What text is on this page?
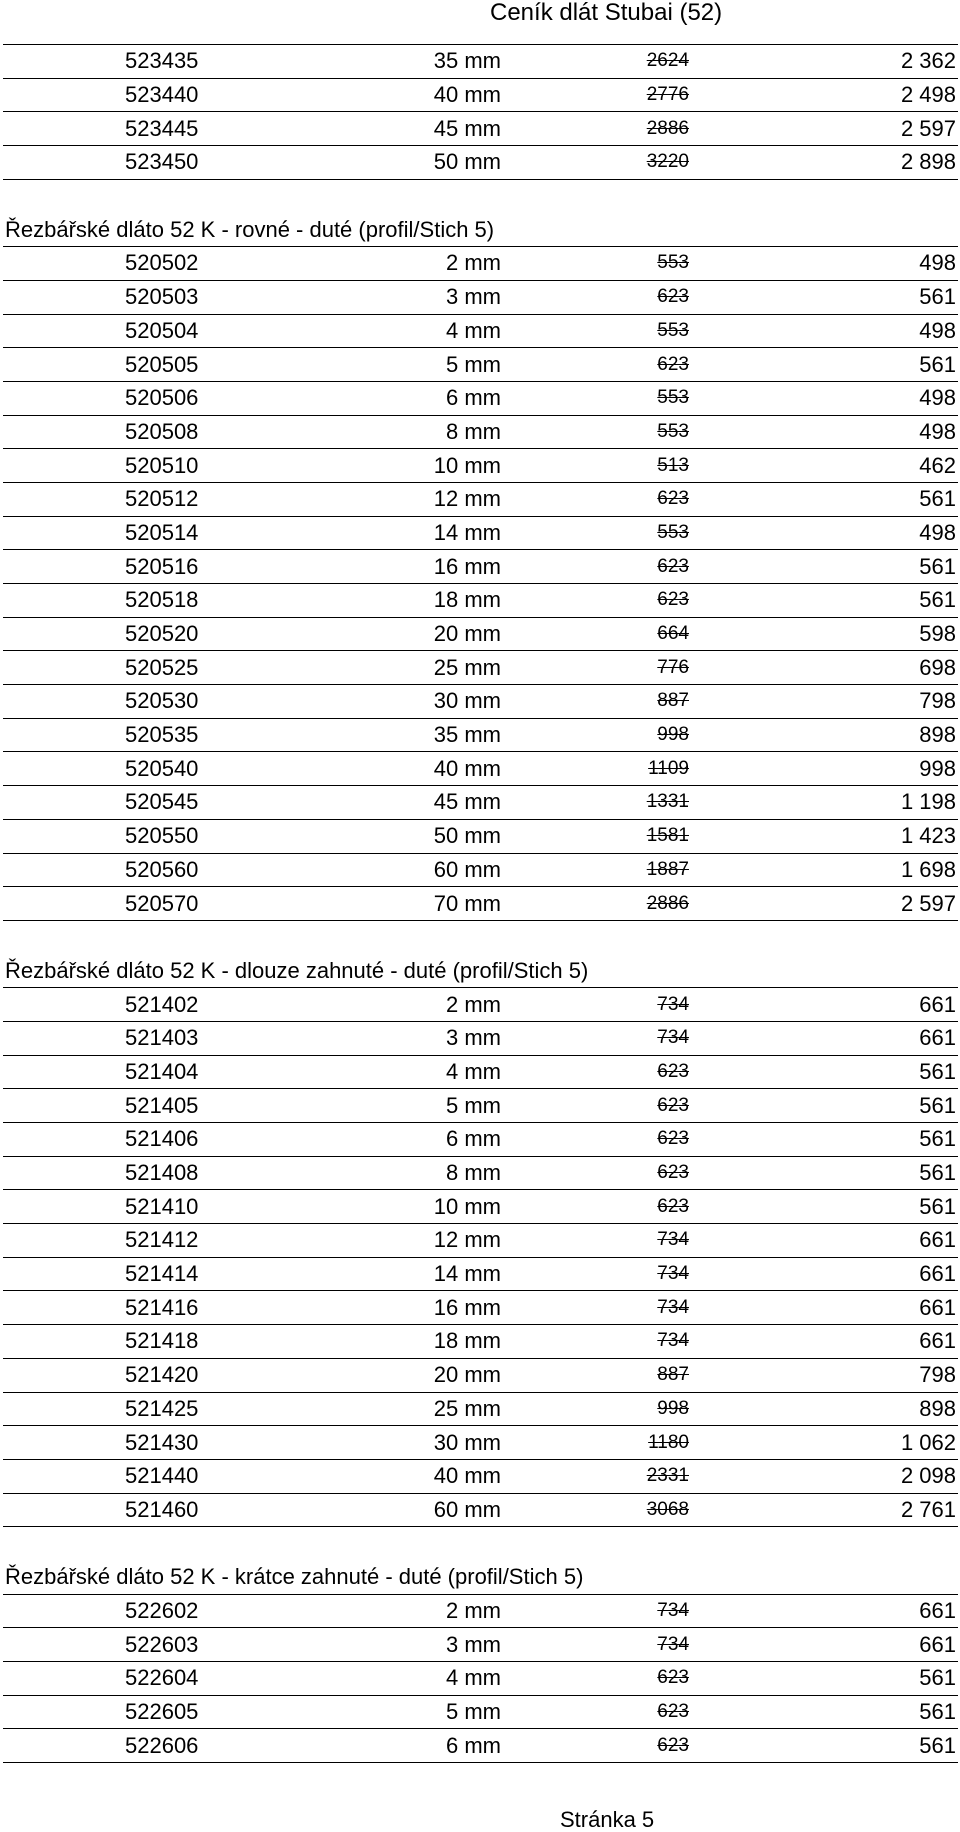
Ceník dlát Stubai (52)
523435	35 mm	2624	2 362
523440	40 mm	2776	2 498
523445	45 mm	2886	2 597
523450	50 mm	3220	2 898
Řezbářské dláto 52 K - rovné - duté (profil/Stich 5)
520502	2 mm	553	498
520503	3 mm	623	561
520504	4 mm	553	498
520505	5 mm	623	561
520506	6 mm	553	498
520508	8 mm	553	498
520510	10 mm	513	462
520512	12 mm	623	561
520514	14 mm	553	498
520516	16 mm	623	561
520518	18 mm	623	561
520520	20 mm	664	598
520525	25 mm	776	698
520530	30 mm	887	798
520535	35 mm	998	898
520540	40 mm	1109	998
520545	45 mm	1331	1 198
520550	50 mm	1581	1 423
520560	60 mm	1887	1 698
520570	70 mm	2886	2 597
Řezbářské dláto 52 K - dlouze zahnuté - duté (profil/Stich 5)
521402	2 mm	734	661
521403	3 mm	734	661
521404	4 mm	623	561
521405	5 mm	623	561
521406	6 mm	623	561
521408	8 mm	623	561
521410	10 mm	623	561
521412	12 mm	734	661
521414	14 mm	734	661
521416	16 mm	734	661
521418	18 mm	734	661
521420	20 mm	887	798
521425	25 mm	998	898
521430	30 mm	1180	1 062
521440	40 mm	2331	2 098
521460	60 mm	3068	2 761
Řezbářské dláto 52 K - krátce zahnuté - duté (profil/Stich 5)
522602	2 mm	734	661
522603	3 mm	734	661
522604	4 mm	623	561
522605	5 mm	623	561
522606	6 mm	623	561
Stránka 5
